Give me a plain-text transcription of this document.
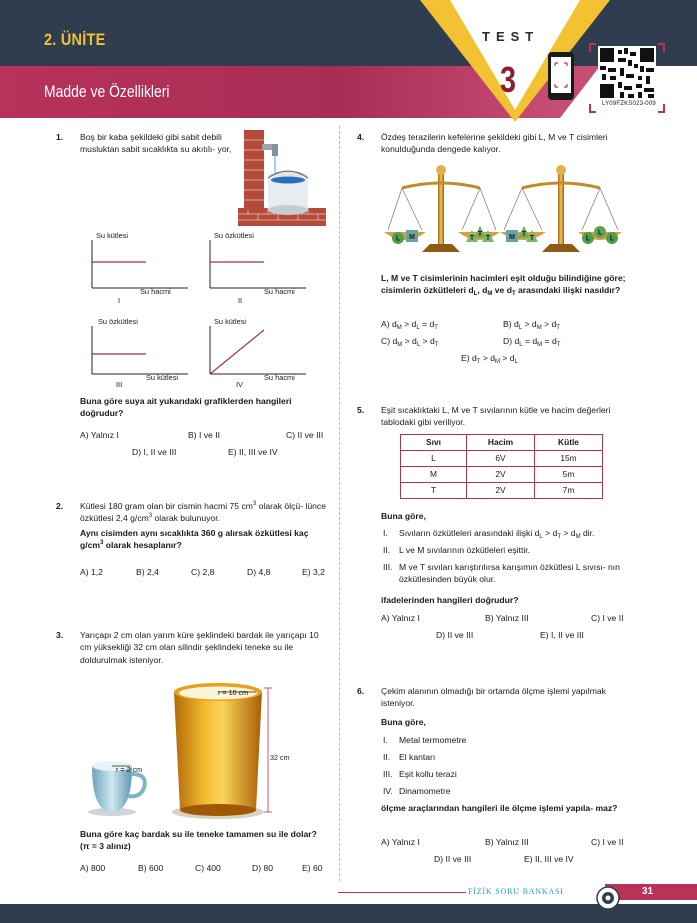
2. ÜNİTE
Madde ve Özellikleri
TEST
3
LY09FZKS023-009
1. Boş bir kaba şekildeki gibi sabit debili musluktan sabit sıcaklıkta su akıtılı- yor,
Su kütlesi
Su hacmi
I
Su özkütlesi
Su hacmi
II
Su özkütlesi
Su kütlesi
III
Su kütlesi
Su hacmi
IV
Buna göre suya ait yukarıdaki grafiklerden hangileri doğrudur?
A) Yalnız I	B) I ve II	C) II ve III
D) I, II ve III	E) II, III ve IV
2. Kütlesi 180 gram olan bir cismin hacmi 75 $cm^3$ olarak ölçü- lünce özkütlesi 2,4 $g/cm^3$ olarak bulunuyor.
Aynı cisimden aynı sıcaklıkta 360 g alırsak özkütlesi kaç $g/cm^3$ olarak hesaplanır?
A) 1,2	B) 2,4	C) 2,8	D) 4,8	E) 3,2
3. Yarıçapı 2 cm olan yarım küre şeklindeki bardak ile yarıçapı 10 cm yüksekliği 32 cm olan silindir şeklindeki teneke su ile doldurulmak isteniyor.
r = 10 cm
32 cm
r = 2 cm
Buna göre kaç bardak su ile teneke tamamen su ile dolar? (π = 3 alınız)
A) 800	B) 600	C) 400	D) 80	E) 60
4. Özdeş terazilerin kefelerine şekildeki gibi L, M ve T cisimleri konulduğunda dengede kalıyor.
L M	T
T
T	M T
T	L
L
L
L, M ve T cisimlerinin hacimleri eşit olduğu bilindiğine göre; cisimlerin özkütleleri $d_L$, $d_M$ ve $d_T$ arasındaki ilişki nasıldır?
A) $d_M > d_L = d_T$	B) $d_L > d_M > d_T$
C) $d_M > d_L > d_T$	D) $d_L = d_M = d_T$
E) $d_T > d_M > d_L$
5. Eşit sıcaklıktaki L, M ve T sıvılarının kütle ve hacim değerleri tablodaki gibi veriliyor.
Sıvı	Hacim	Kütle
L	6V	15m
M	2V	5m
T	2V	7m
Buna göre,
I. Sıvıların özkütleleri arasındaki ilişki $d_L > d_T > d_M$ dir.
II. L ve M sıvılarının özkütleleri eşittir.
III. M ve T sıvıları karıştırılırsa karışımın özkütlesi L sıvısı- nın özkütlesinden büyük olur.
ifadelerinden hangileri doğrudur?
A) Yalnız I	B) Yalnız III	C) I ve II
D) II ve III	E) I, II ve III
6. Çekim alanının olmadığı bir ortamda ölçme işlemi yapılmak isteniyor.
Buna göre,
I. Metal termometre
II. El kantarı
III. Eşit kollu terazi
IV. Dinamometre
ölçme araçlarından hangileri ile ölçme işlemi yapıla- maz?
A) Yalnız I	B) Yalnız III	C) I ve II
D) II ve III	E) II, III ve IV
FİZİK SORU BANKASI	31
